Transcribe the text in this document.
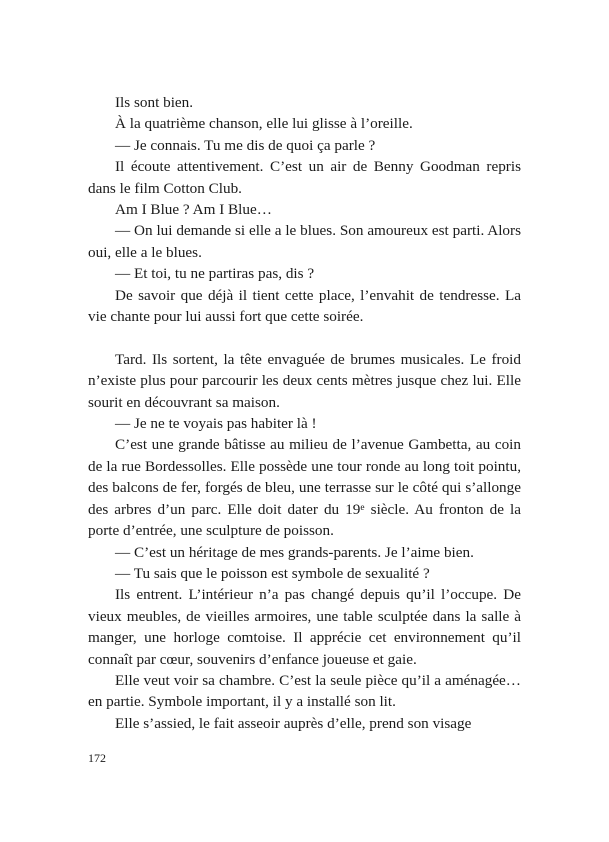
Ils sont bien.

À la quatrième chanson, elle lui glisse à l’oreille.

— Je connais. Tu me dis de quoi ça parle ?

Il écoute attentivement. C’est un air de Benny Goodman repris dans le film Cotton Club.

Am I Blue ? Am I Blue…

— On lui demande si elle a le blues. Son amoureux est parti. Alors oui, elle a le blues.

— Et toi, tu ne partiras pas, dis ?

De savoir que déjà il tient cette place, l’envahit de tendresse. La vie chante pour lui aussi fort que cette soirée.

Tard. Ils sortent, la tête envaguée de brumes musicales. Le froid n’existe plus pour parcourir les deux cents mètres jusque chez lui. Elle sourit en découvrant sa maison.

— Je ne te voyais pas habiter là !

C’est une grande bâtisse au milieu de l’avenue Gambetta, au coin de la rue Bordessolles. Elle possède une tour ronde au long toit pointu, des balcons de fer, forgés de bleu, une terrasse sur le côté qui s’allonge des arbres d’un parc. Elle doit dater du 19e siècle. Au fronton de la porte d’entrée, une sculpture de poisson.

— C’est un héritage de mes grands-parents. Je l’aime bien.

— Tu sais que le poisson est symbole de sexualité ?

Ils entrent. L’intérieur n’a pas changé depuis qu’il l’occupe. De vieux meubles, de vieilles armoires, une table sculptée dans la salle à manger, une horloge comtoise. Il apprécie cet environnement qu’il connaît par cœur, souvenirs d’enfance joueuse et gaie.

Elle veut voir sa chambre. C’est la seule pièce qu’il a aménagée… en partie. Symbole important, il y a installé son lit.

Elle s’assied, le fait asseoir auprès d’elle, prend son visage

172
